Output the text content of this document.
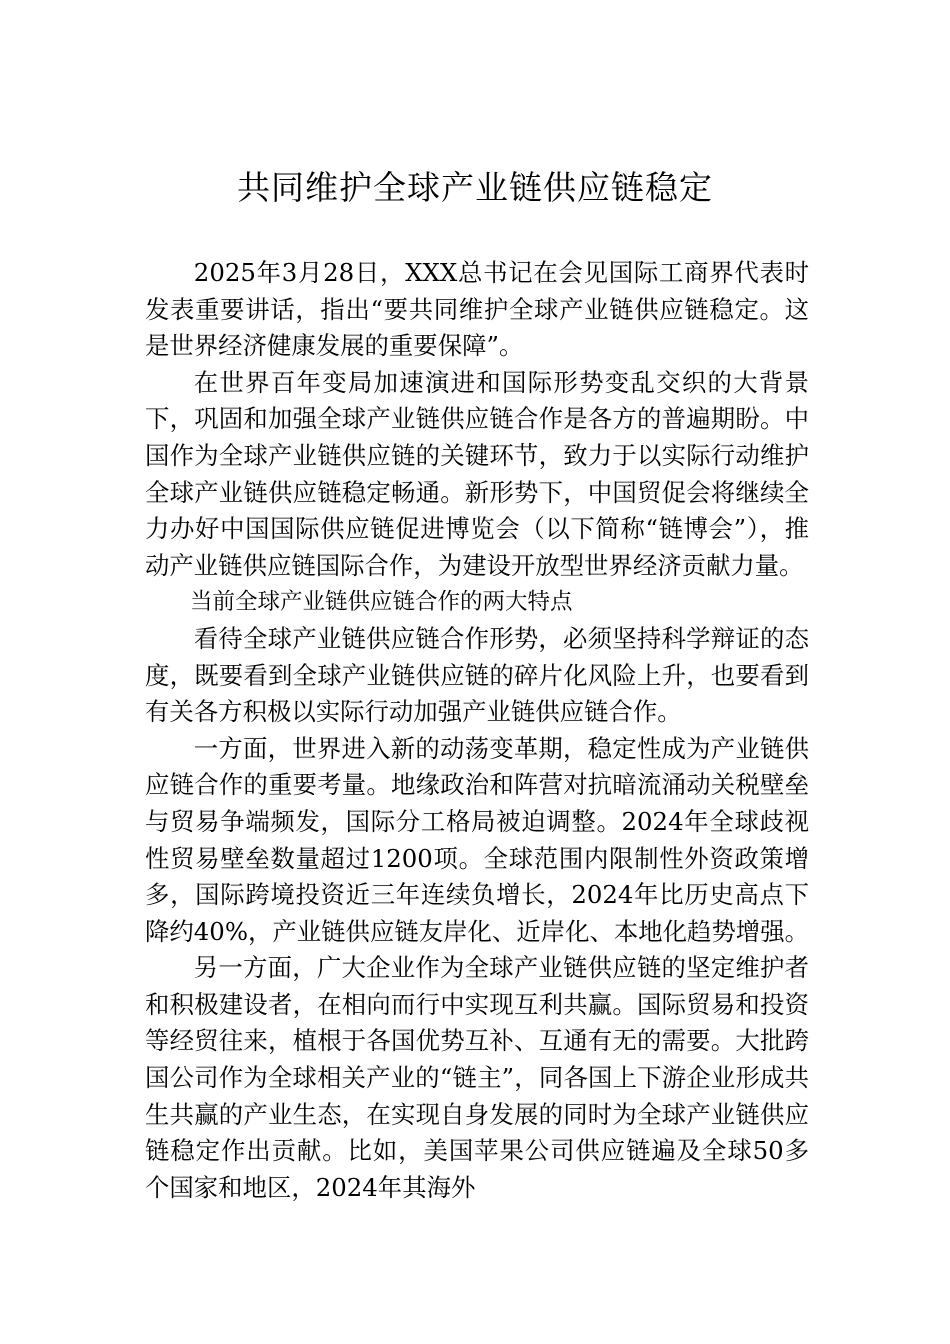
共同维护全球产业链供应链稳定

2025年3月28日，XXX总书记在会见国际工商界代表时发表重要讲话，指出“要共同维护全球产业链供应链稳定。这是世界经济健康发展的重要保障”。

在世界百年变局加速演进和国际形势变乱交织的大背景下，巩固和加强全球产业链供应链合作是各方的普遍期盼。中国作为全球产业链供应链的关键环节，致力于以实际行动维护全球产业链供应链稳定畅通。新形势下，中国贸促会将继续全力办好中国国际供应链促进博览会（以下简称“链博会”），推动产业链供应链国际合作，为建设开放型世界经济贡献力量。

当前全球产业链供应链合作的两大特点

看待全球产业链供应链合作形势，必须坚持科学辩证的态度，既要看到全球产业链供应链的碎片化风险上升，也要看到有关各方积极以实际行动加强产业链供应链合作。

一方面，世界进入新的动荡变革期，稳定性成为产业链供应链合作的重要考量。地缘政治和阵营对抗暗流涌动关税壁垒与贸易争端频发，国际分工格局被迫调整。2024年全球歧视性贸易壁垒数量超过1200项。全球范围内限制性外资政策增多，国际跨境投资近三年连续负增长，2024年比历史高点下降约40%，产业链供应链友岸化、近岸化、本地化趋势增强。

另一方面，广大企业作为全球产业链供应链的坚定维护者和积极建设者，在相向而行中实现互利共赢。国际贸易和投资等经贸往来，植根于各国优势互补、互通有无的需要。大批跨国公司作为全球相关产业的“链主”，同各国上下游企业形成共生共赢的产业生态，在实现自身发展的同时为全球产业链供应链稳定作出贡献。比如，美国苹果公司供应链遍及全球50多个国家和地区，2024年其海外
